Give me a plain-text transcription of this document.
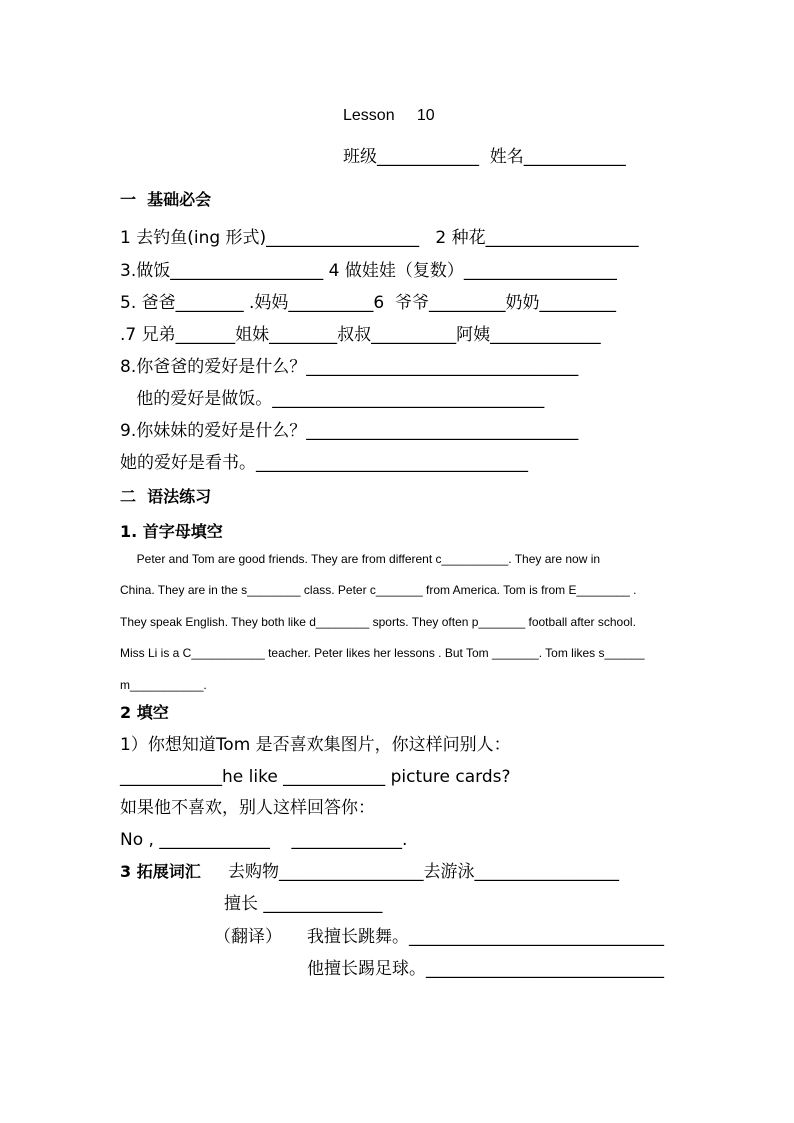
Lesson     10
班级____________  姓名____________
一  基础必会
1 去钓鱼(ing 形式)__________________   2 种花__________________
3.做饭__________________ 4 做娃娃（复数）__________________
5. 爸爸________ .妈妈__________6  爷爷_________奶奶_________
.7 兄弟_______姐妹________叔叔__________阿姨_____________
8.你爸爸的爱好是什么？________________________________
他的爱好是做饭。________________________________
9.你妹妹的爱好是什么？________________________________
她的爱好是看书。________________________________
二  语法练习
1. 首字母填空
Peter and Tom are good friends. They are from different c__________. They are now in
China. They are in the s________ class. Peter c_______ from America. Tom is from E________ .
They speak English. They both like d________ sports. They often p_______ football after school.
Miss Li is a C___________ teacher. Peter likes her lessons . But Tom _______. Tom likes s______
m___________.
2 填空
1）你想知道Tom 是否喜欢集图片，你这样问别人：
____________he like ____________ picture cards?
如果他不喜欢，别人这样回答你：
No , _____________    _____________.
3 拓展词汇 去购物_________________去游泳_________________
擅长 ______________
（翻译） 我擅长跳舞。______________________________
他擅长踢足球。____________________________
